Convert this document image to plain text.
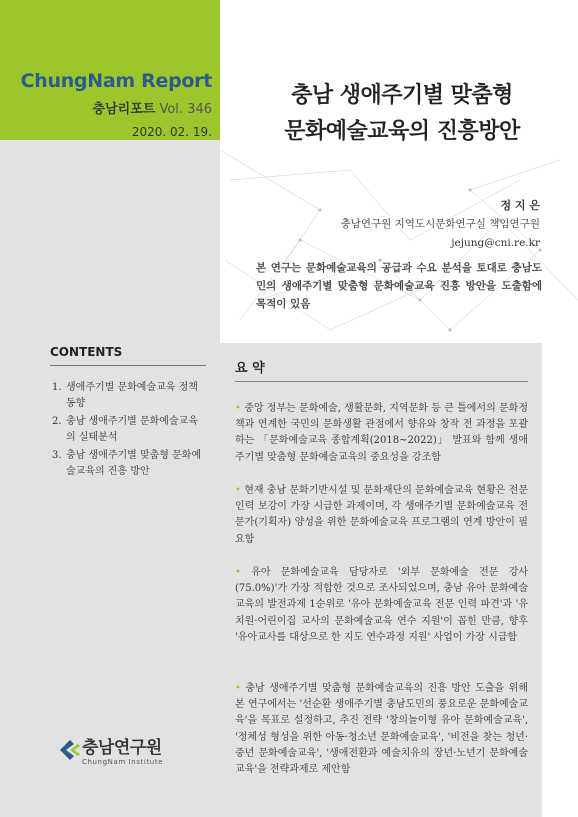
ChungNam Report
충남리포트 Vol. 346
2020. 02. 19.
충남 생애주기별 맞춤형
문화예술교육의 진흥방안
정 지 은
충남연구원 지역도시문화연구실 책임연구원
jejung@cni.re.kr
본 연구는 문화예술교육의 공급과 수요 분석을 토대로 충남도민의 생애주기별 맞춤형 문화예술교육 진흥 방안을 도출함에 목적이 있음
CONTENTS
1. 생애주기별 문화예술교육 정책동향
2. 충남 생애주기별 문화예술교육의 실태분석
3. 충남 생애주기별 맞춤형 문화예술교육의 진흥 방안
요 약
• 중앙 정부는 문화예술, 생활문화, 지역문화 등 큰 틀에서의 문화정책과 연계한 국민의 문화생활 관점에서 향유와 창작 전 과정을 포괄하는 「문화예술교육 종합계획(2018~2022)」 발표와 함께 생애주기별 맞춤형 문화예술교육의 중요성을 강조함
• 현재 충남 문화기반시설 및 문화재단의 문화예술교육 현황은 전문 인력 보강이 가장 시급한 과제이며, 각 생애주기별 문화예술교육 전문가(기획자) 양성을 위한 문화예술교육 프로그램의 연계 방안이 필요함
• 유아 문화예술교육 담당자로 '외부 문화예술 전문 강사(75.0%)'가 가장 적합한 것으로 조사되었으며, 충남 유아 문화예술교육의 발전과제 1순위로 '유아 문화예술교육 전문 인력 파견'과 '유치원·어린이집 교사의 문화예술교육 연수 지원'이 꼽힌 만큼, 향후 '유아교사를 대상으로 한 지도 연수과정 지원' 사업이 가장 시급함
• 충남 생애주기별 맞춤형 문화예술교육의 진흥 방안 도출을 위해 본 연구에서는 '선순환 생애주기별 충남도민의 풍요로운 문화예술교육'을 목표로 설정하고, 추진 전략 '창의놀이형 유아 문화예술교육', '정체성 형성을 위한 아동·청소년 문화예술교육', '비전을 찾는 청년·중년 문화예술교육', '생애전환과 예술치유의 장년·노년기 문화예술교육'을 전략과제로 제안함
충남연구원
ChungNam Institute
